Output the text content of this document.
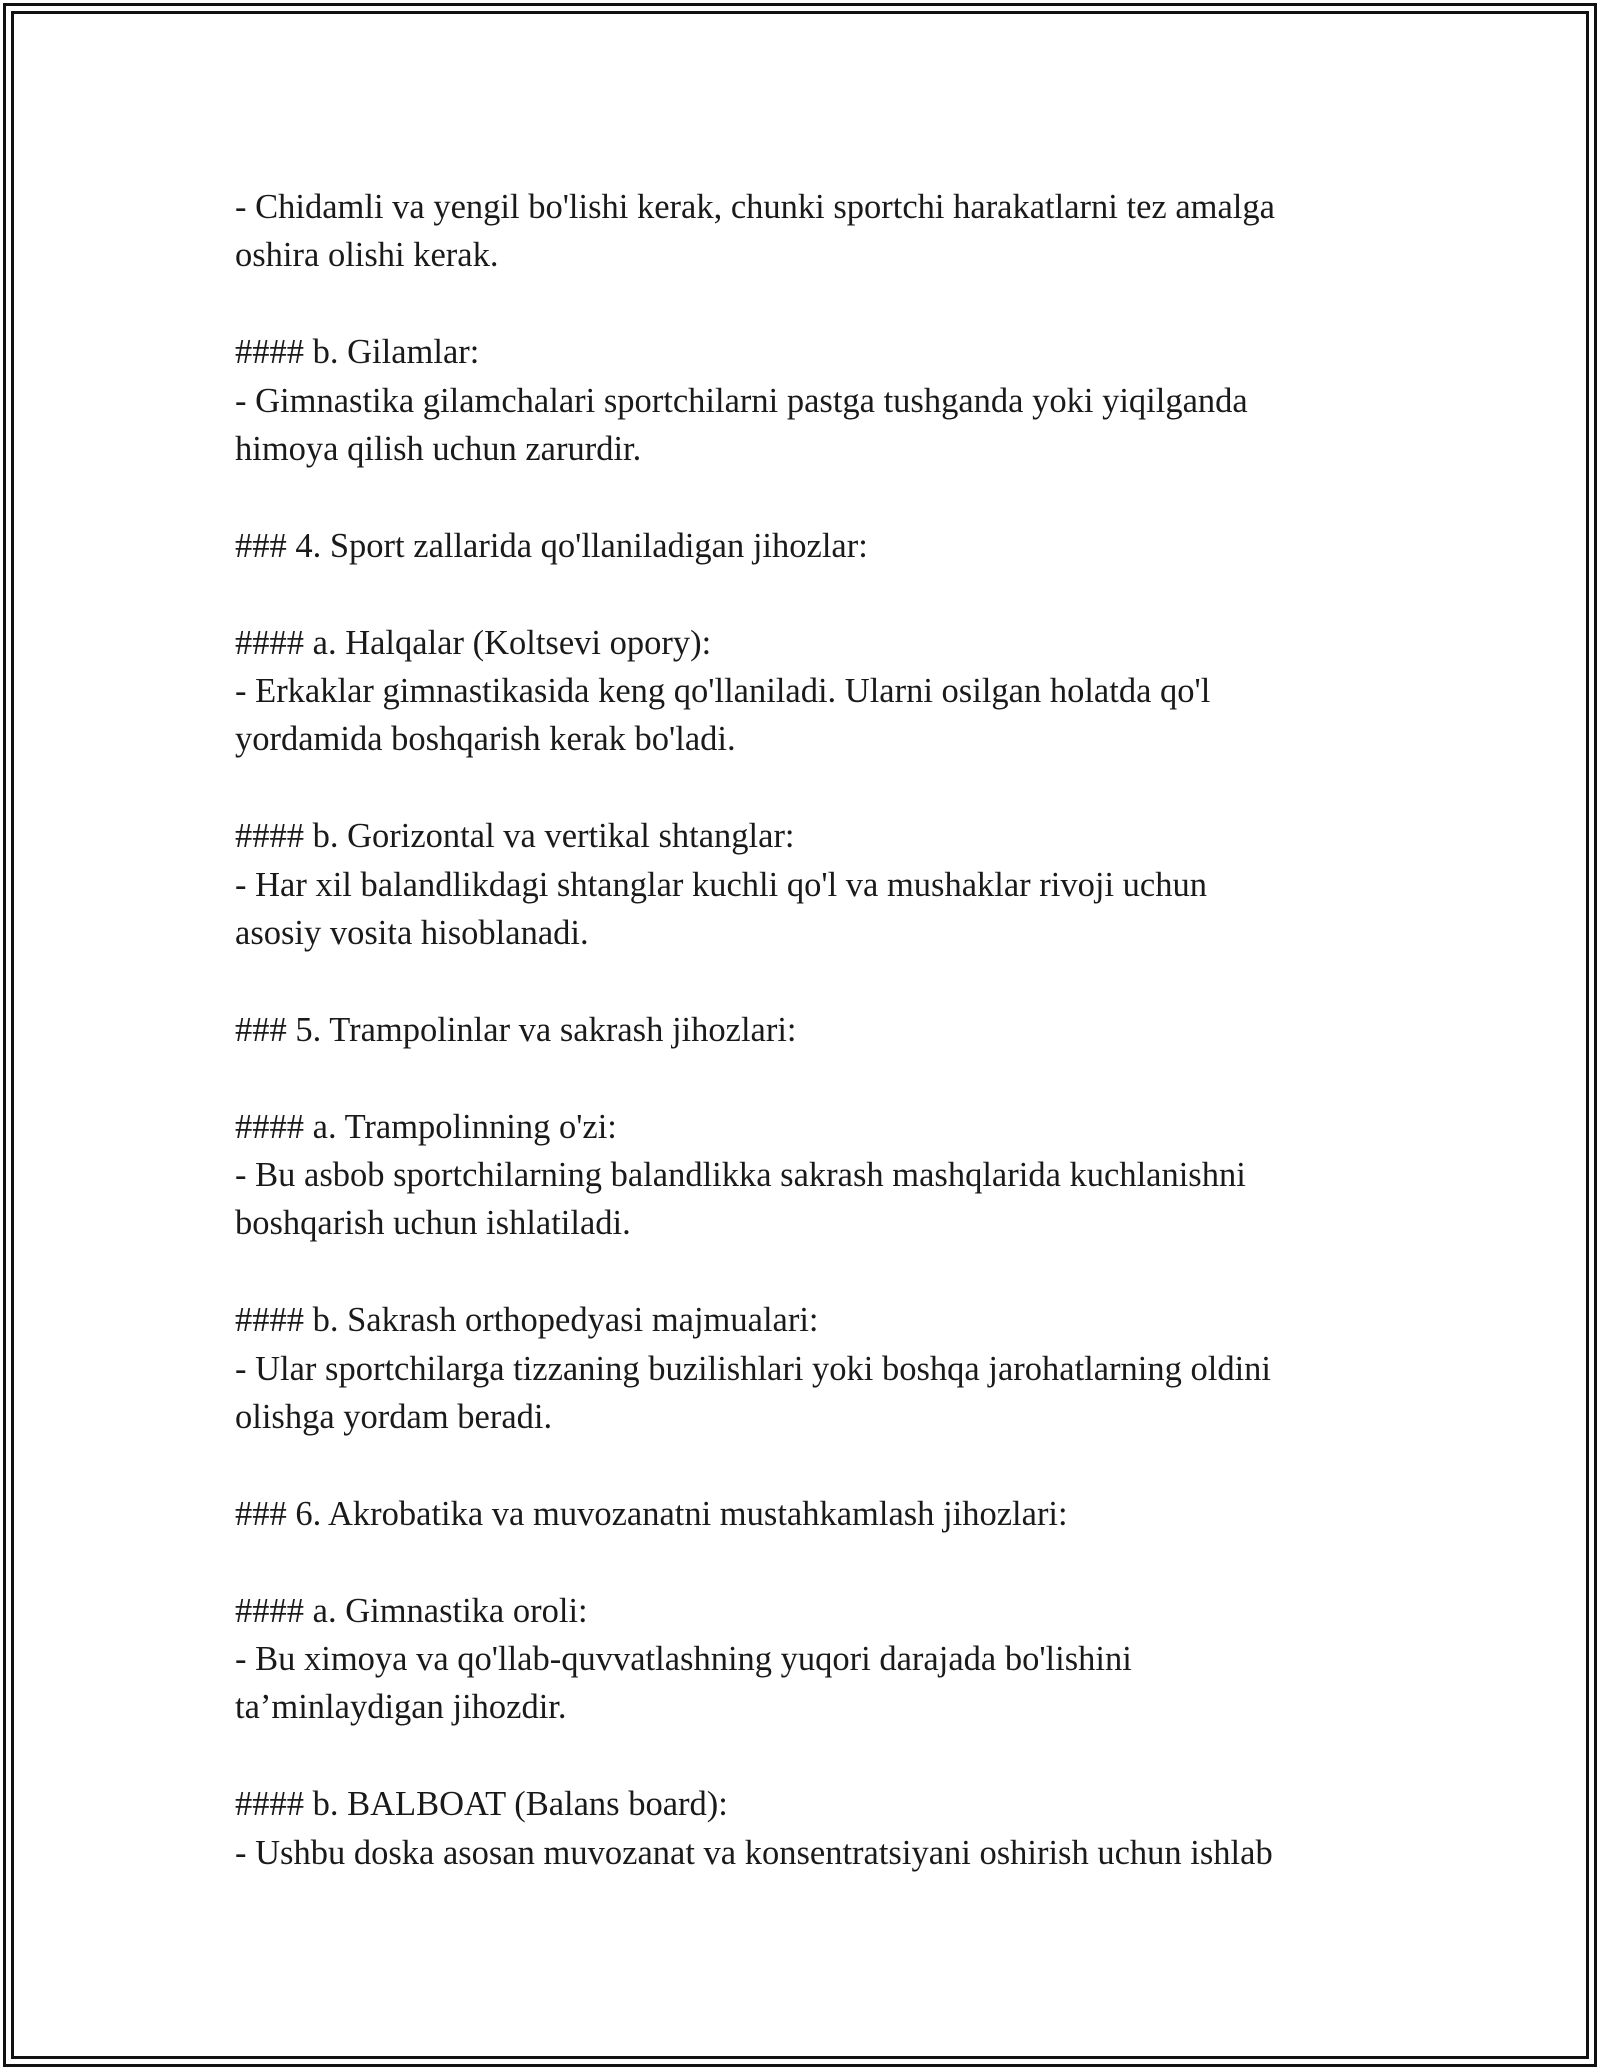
- Chidamli va yengil bo'lishi kerak, chunki sportchi harakatlarni tez amalga

oshira olishi kerak.

#### b. Gilamlar:

- Gimnastika gilamchalari sportchilarni pastga tushganda yoki yiqilganda

himoya qilish uchun zarurdir.

### 4. Sport zallarida qo'llaniladigan jihozlar:

#### a. Halqalar (Koltsevi opory):

- Erkaklar gimnastikasida keng qo'llaniladi. Ularni osilgan holatda qo'l

yordamida boshqarish kerak bo'ladi.

#### b. Gorizontal va vertikal shtanglar:

- Har xil balandlikdagi shtanglar kuchli qo'l va mushaklar rivoji uchun

asosiy vosita hisoblanadi.

### 5. Trampolinlar va sakrash jihozlari:

#### a. Trampolinning o'zi:

- Bu asbob sportchilarning balandlikka sakrash mashqlarida kuchlanishni

boshqarish uchun ishlatiladi.

#### b. Sakrash orthopedyasi majmualari:

- Ular sportchilarga tizzaning buzilishlari yoki boshqa jarohatlarning oldini

olishga yordam beradi.

### 6. Akrobatika va muvozanatni mustahkamlash jihozlari:

#### a. Gimnastika oroli:

- Bu ximoya va qo'llab-quvvatlashning yuqori darajada bo'lishini

ta’minlaydigan jihozdir.

#### b. BALBOAT (Balans board):

- Ushbu doska asosan muvozanat va konsentratsiyani oshirish uchun ishlab
